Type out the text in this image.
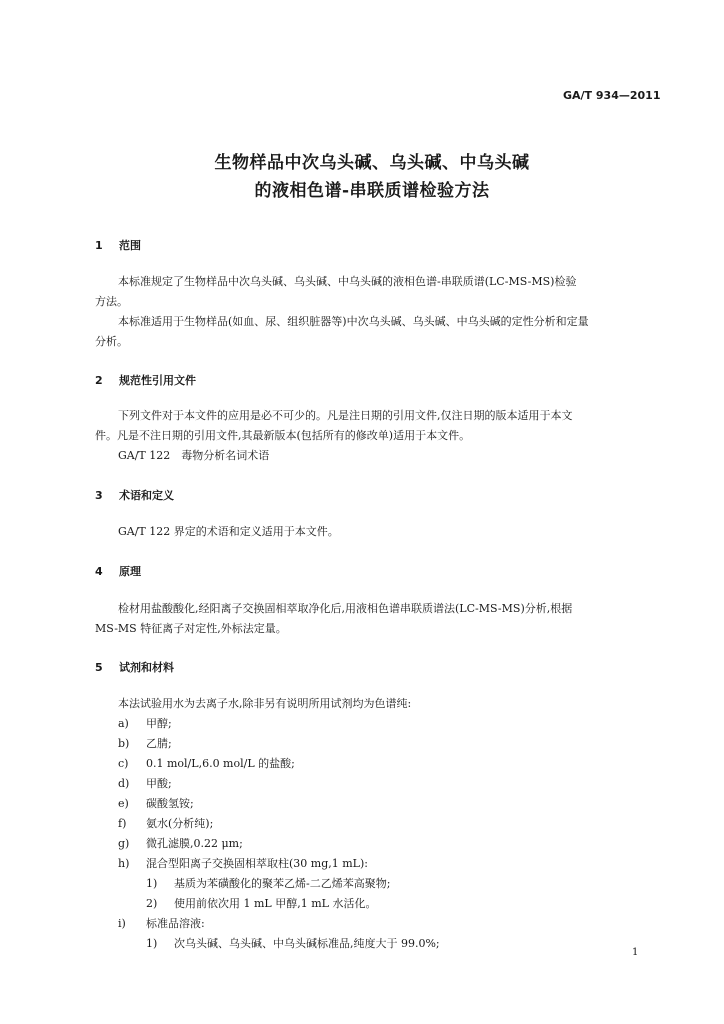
GA/T 934—2011
生物样品中次乌头碱、乌头碱、中乌头碱
的液相色谱-串联质谱检验方法
1 范围
本标准规定了生物样品中次乌头碱、乌头碱、中乌头碱的液相色谱-串联质谱(LC-MS-MS)检验
方法。
本标准适用于生物样品(如血、尿、组织脏器等)中次乌头碱、乌头碱、中乌头碱的定性分析和定量
分析。
2 规范性引用文件
下列文件对于本文件的应用是必不可少的。凡是注日期的引用文件,仅注日期的版本适用于本文
件。凡是不注日期的引用文件,其最新版本(包括所有的修改单)适用于本文件。
GA/T 122　毒物分析名词术语
3 术语和定义
GA/T 122 界定的术语和定义适用于本文件。
4 原理
检材用盐酸酸化,经阳离子交换固相萃取净化后,用液相色谱串联质谱法(LC-MS-MS)分析,根据
MS-MS 特征离子对定性,外标法定量。
5 试剂和材料
本法试验用水为去离子水,除非另有说明所用试剂均为色谱纯:
a) 甲醇;
b) 乙腈;
c) 0.1 mol/L,6.0 mol/L 的盐酸;
d) 甲酸;
e) 碳酸氢铵;
f) 氨水(分析纯);
g) 微孔滤膜,0.22 μm;
h) 混合型阳离子交换固相萃取柱(30 mg,1 mL):
1) 基质为苯磺酸化的聚苯乙烯-二乙烯苯高聚物;
2) 使用前依次用 1 mL 甲醇,1 mL 水活化。
i) 标准品溶液:
1) 次乌头碱、乌头碱、中乌头碱标准品,纯度大于 99.0%;
1
